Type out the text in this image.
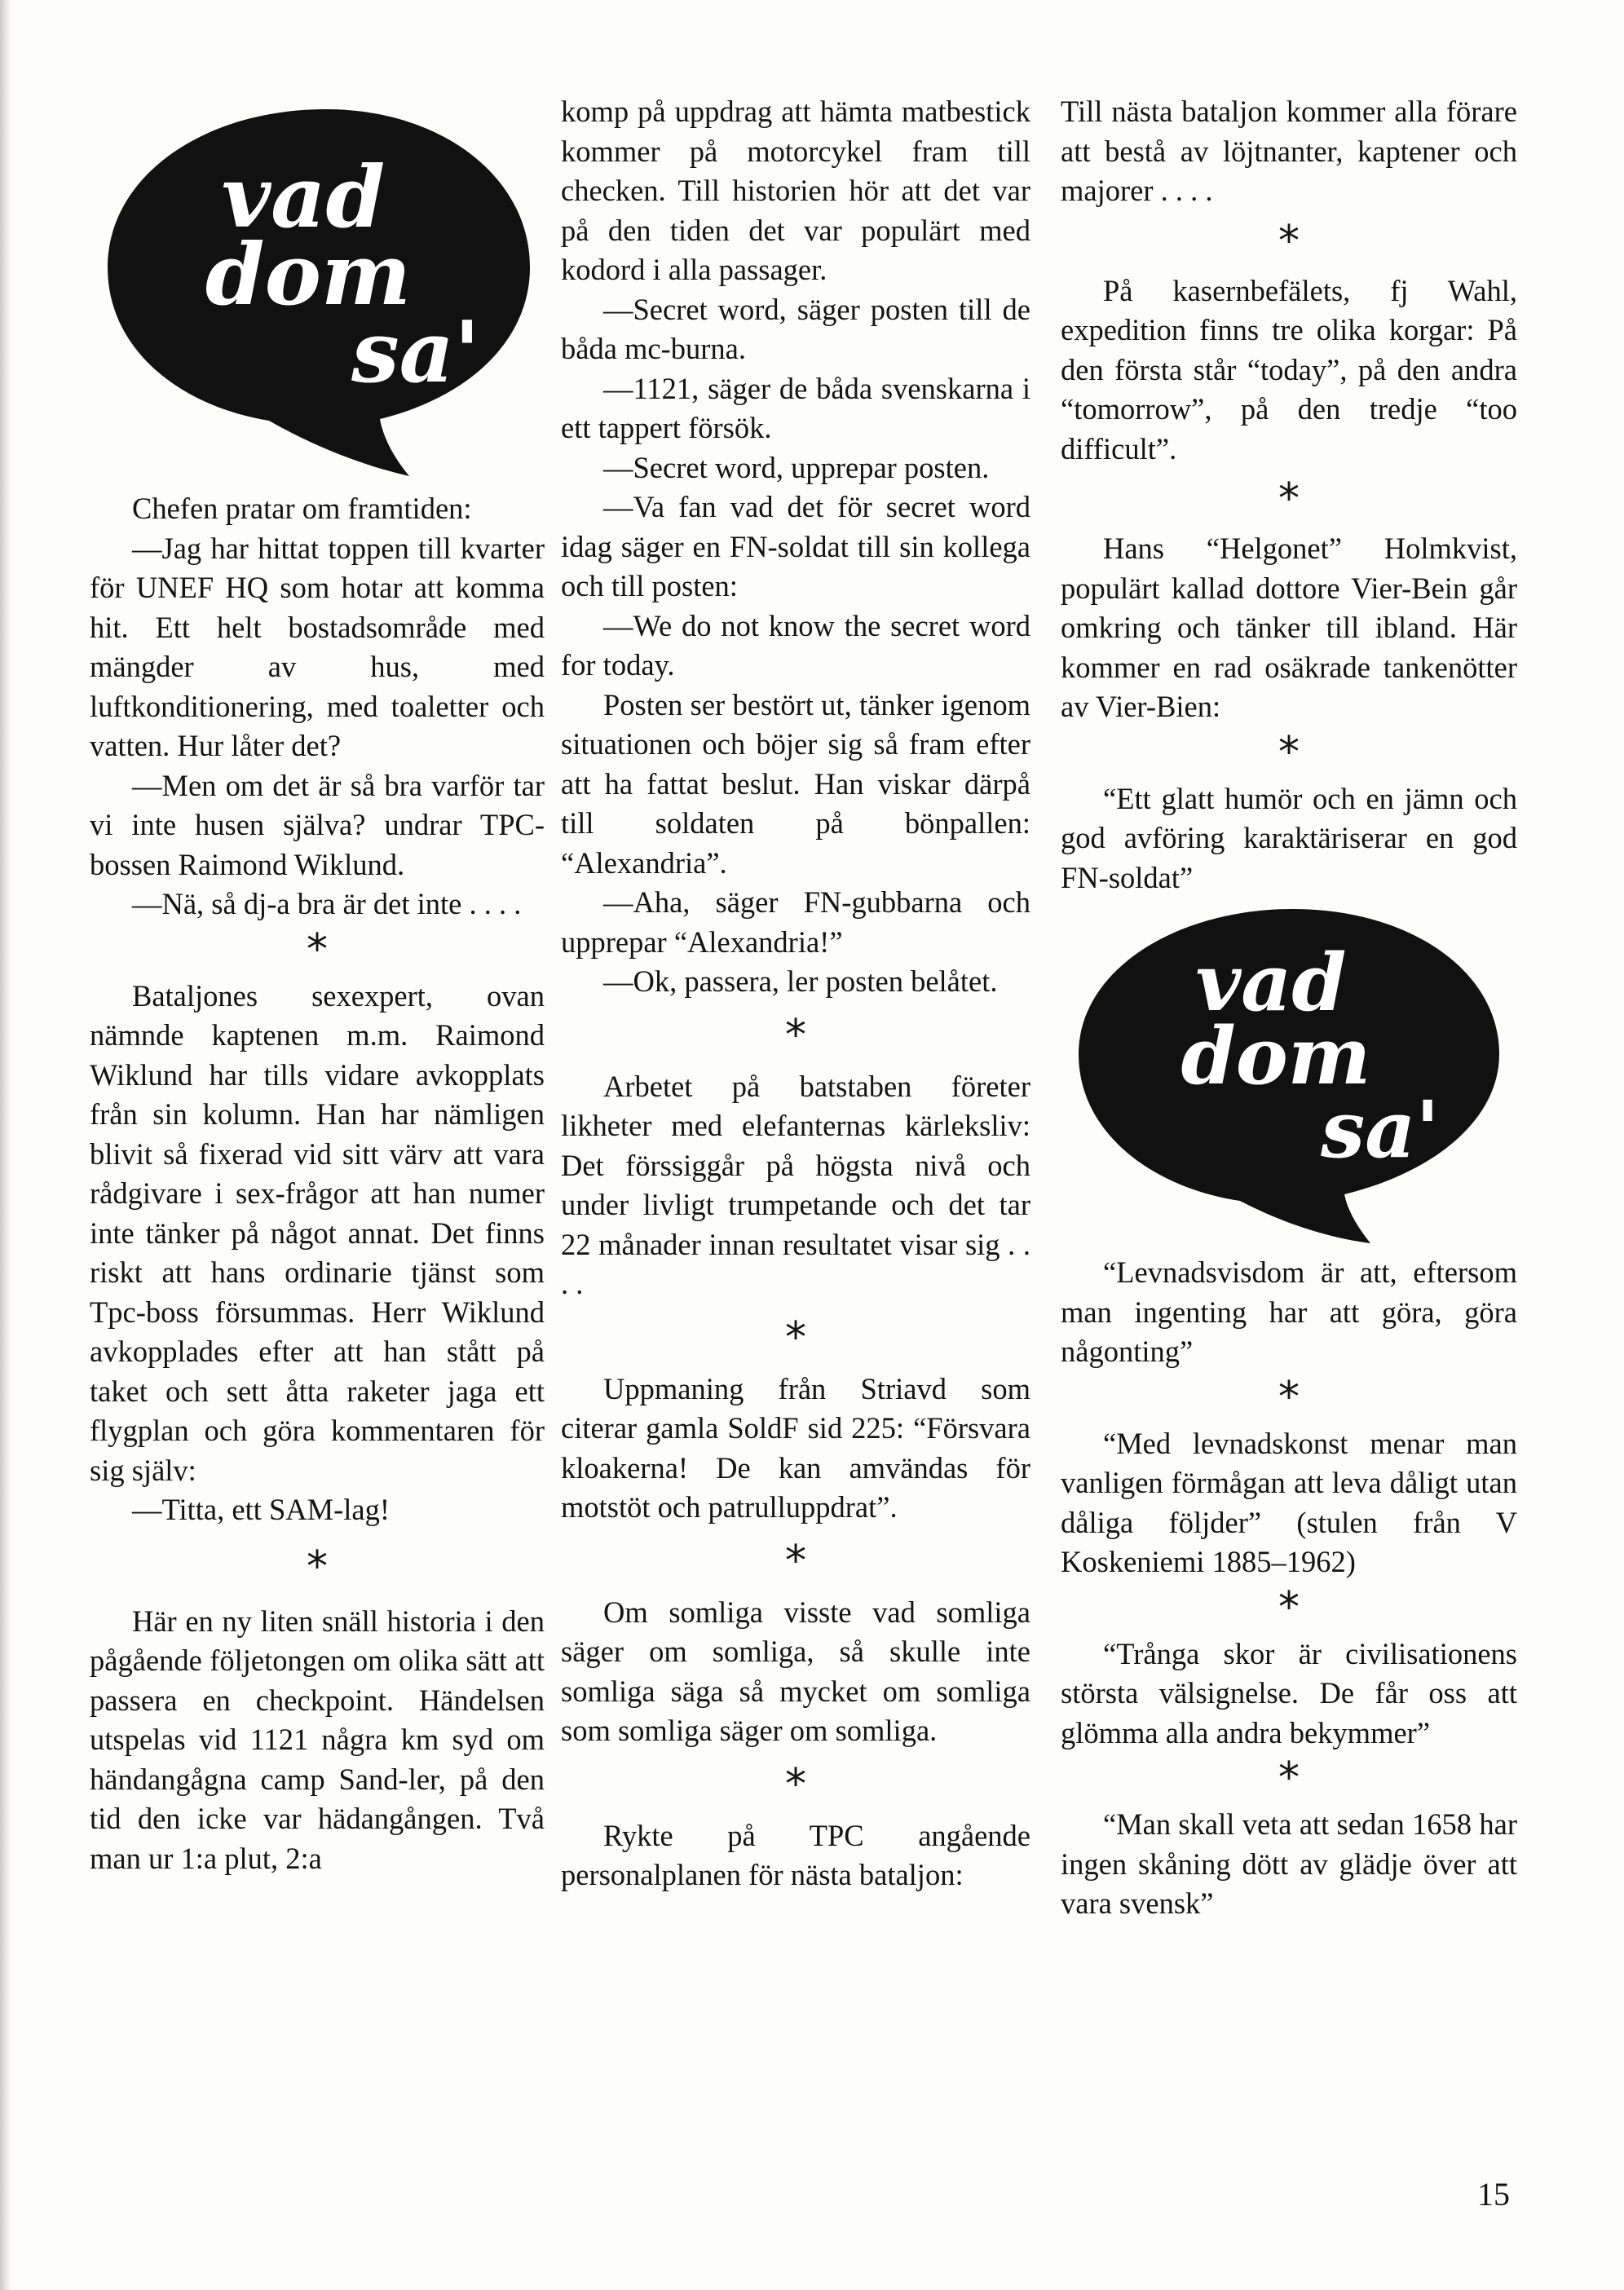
vad
dom
sa'

Chefen pratar om framtiden:

—Jag har hittat toppen till kvarter för UNEF HQ som hotar att komma hit. Ett helt bostadsområde med mängder av hus, med luftkonditionering, med toaletter och vatten. Hur låter det?

—Men om det är så bra varför tar vi inte husen själva? undrar TPC-bossen Raimond Wiklund.

—Nä, så dj-a bra är det inte . . . .

*

Bataljones sexexpert, ovan nämnde kaptenen m.m. Raimond Wiklund har tills vidare avkopplats från sin kolumn. Han har nämligen blivit så fixerad vid sitt värv att vara rådgivare i sex-frågor att han numer inte tänker på något annat. Det finns riskt att hans ordinarie tjänst som Tpc-boss försummas. Herr Wiklund avkopplades efter att han stått på taket och sett åtta raketer jaga ett flygplan och göra kommentaren för sig själv:

—Titta, ett SAM-lag!

*

Här en ny liten snäll historia i den pågående följetongen om olika sätt att passera en checkpoint. Händelsen utspelas vid 1121 några km syd om händangågna camp Sand-ler, på den tid den icke var hädangången. Två man ur 1:a plut, 2:a

komp på uppdrag att hämta matbestick kommer på motorcykel fram till checken. Till historien hör att det var på den tiden det var populärt med kodord i alla passager.

—Secret word, säger posten till de båda mc-burna.

—1121, säger de båda svenskarna i ett tappert försök.

—Secret word, upprepar posten.

—Va fan vad det för secret word idag säger en FN-soldat till sin kollega och till posten:

—We do not know the secret word for today.

Posten ser bestört ut, tänker igenom situationen och böjer sig så fram efter att ha fattat beslut. Han viskar därpå till soldaten på bönpallen: “Alexandria”.

—Aha, säger FN-gubbarna och upprepar “Alexandria!”

—Ok, passera, ler posten belåtet.

*

Arbetet på batstaben företer likheter med elefanternas kärleksliv: Det förssiggår på högsta nivå och under livligt trumpetande och det tar 22 månader innan resultatet visar sig . . . .

*

Uppmaning från Striavd som citerar gamla SoldF sid 225: “Försvara kloakerna! De kan amvändas för motstöt och patrulluppdrat”.

*

Om somliga visste vad somliga säger om somliga, så skulle inte somliga säga så mycket om somliga som somliga säger om somliga.

*

Rykte på TPC angående personalplanen för nästa bataljon:

Till nästa bataljon kommer alla förare att bestå av löjtnanter, kaptener och majorer . . . .

*

På kasernbefälets, fj Wahl, expedition finns tre olika korgar: På den första står “today”, på den andra “tomorrow”, på den tredje “too difficult”.

*

Hans “Helgonet” Holmkvist, populärt kallad dottore Vier-Bein går omkring och tänker till ibland. Här kommer en rad osäkrade tankenötter av Vier-Bien:

*

“Ett glatt humör och en jämn och god avföring karaktäriserar en god FN-soldat”

vad
dom
sa'

“Levnadsvisdom är att, eftersom man ingenting har att göra, göra någonting”

*

“Med levnadskonst menar man vanligen förmågan att leva dåligt utan dåliga följder” (stulen från V Koskeniemi 1885–1962)

*

“Trånga skor är civilisationens största välsignelse. De får oss att glömma alla andra bekymmer”

*

“Man skall veta att sedan 1658 har ingen skåning dött av glädje över att vara svensk”

15
